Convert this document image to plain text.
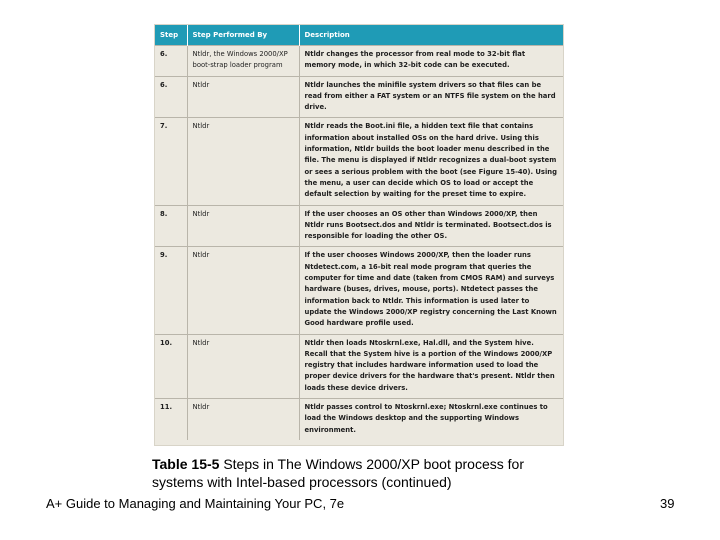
Step	Step Performed By	Description
6.	Ntldr, the Windows 2000/XP boot-strap loader program	Ntldr changes the processor from real mode to 32-bit flat memory mode, in which 32-bit code can be executed.
6.	Ntldr	Ntldr launches the minifile system drivers so that files can be read from either a FAT system or an NTFS file system on the hard drive.
7.	Ntldr	Ntldr reads the Boot.ini file, a hidden text file that contains information about installed OSs on the hard drive. Using this information, Ntldr builds the boot loader menu described in the file. The menu is displayed if Ntldr recognizes a dual-boot system or sees a serious problem with the boot (see Figure 15-40). Using the menu, a user can decide which OS to load or accept the default selection by waiting for the preset time to expire.
8.	Ntldr	If the user chooses an OS other than Windows 2000/XP, then Ntldr runs Bootsect.dos and Ntldr is terminated. Bootsect.dos is responsible for loading the other OS.
9.	Ntldr	If the user chooses Windows 2000/XP, then the loader runs Ntdetect.com, a 16-bit real mode program that queries the computer for time and date (taken from CMOS RAM) and surveys hardware (buses, drives, mouse, ports). Ntdetect passes the information back to Ntldr. This information is used later to update the Windows 2000/XP registry concerning the Last Known Good hardware profile used.
10.	Ntldr	Ntldr then loads Ntoskrnl.exe, Hal.dll, and the System hive. Recall that the System hive is a portion of the Windows 2000/XP registry that includes hardware information used to load the proper device drivers for the hardware that's present. Ntldr then loads these device drivers.
11.	Ntldr	Ntldr passes control to Ntoskrnl.exe; Ntoskrnl.exe continues to load the Windows desktop and the supporting Windows environment.
Table 15-5 Steps in The Windows 2000/XP boot process for systems with Intel-based processors (continued)
A+ Guide to Managing and Maintaining Your PC, 7e	39
